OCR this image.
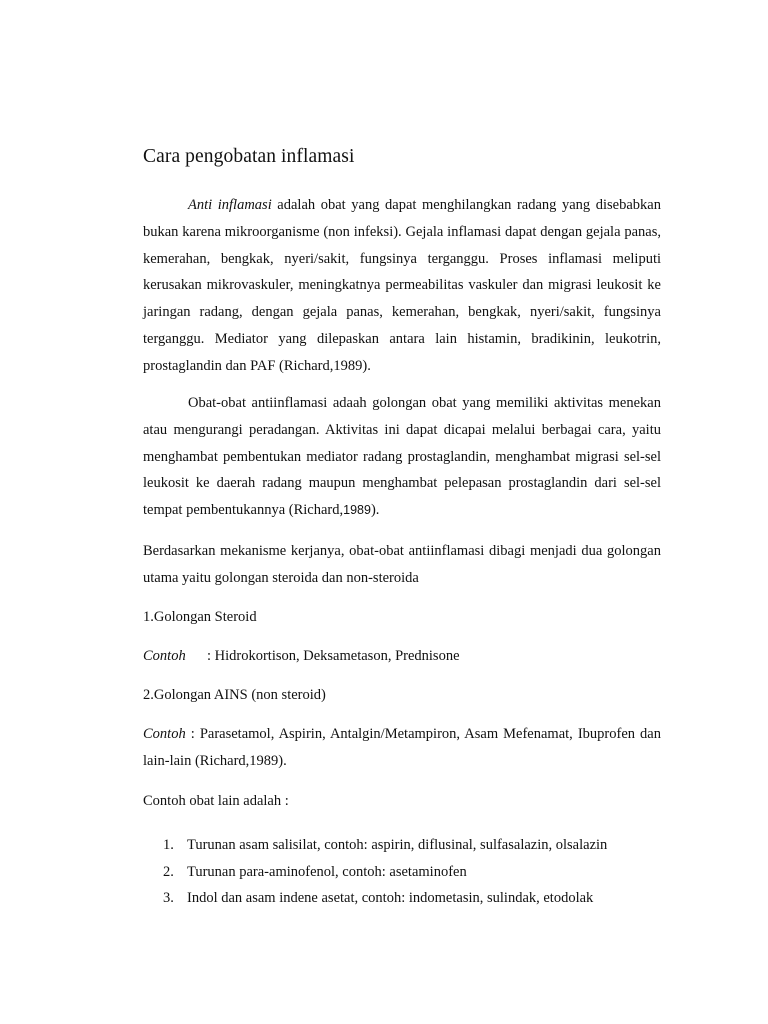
Cara pengobatan inflamasi

Anti inflamasi adalah obat yang dapat menghilangkan radang yang disebabkan bukan karena mikroorganisme (non infeksi). Gejala inflamasi dapat dengan gejala panas, kemerahan, bengkak, nyeri/sakit, fungsinya terganggu. Proses inflamasi meliputi kerusakan mikrovaskuler, meningkatnya permeabilitas vaskuler dan migrasi leukosit ke jaringan radang, dengan gejala panas, kemerahan, bengkak, nyeri/sakit, fungsinya terganggu. Mediator yang dilepaskan antara lain histamin, bradikinin, leukotrin, prostaglandin dan PAF (Richard,1989).

Obat-obat antiinflamasi adaah golongan obat yang memiliki aktivitas menekan atau mengurangi peradangan. Aktivitas ini dapat dicapai melalui berbagai cara, yaitu menghambat pembentukan mediator radang prostaglandin, menghambat migrasi sel-sel leukosit ke daerah radang maupun menghambat pelepasan prostaglandin dari sel-sel tempat pembentukannya (Richard,1989).

Berdasarkan mekanisme kerjanya, obat-obat antiinflamasi dibagi menjadi dua golongan utama yaitu golongan steroida dan non-steroida

1.Golongan Steroid

Contoh : Hidrokortison, Deksametason, Prednisone

2.Golongan AINS (non steroid)

Contoh : Parasetamol, Aspirin, Antalgin/Metampiron, Asam Mefenamat, Ibuprofen dan lain-lain (Richard,1989).

Contoh obat lain adalah :

1. Turunan asam salisilat, contoh: aspirin, diflusinal, sulfasalazin, olsalazin
2. Turunan para-aminofenol, contoh: asetaminofen
3. Indol dan asam indene asetat, contoh: indometasin, sulindak, etodolak
